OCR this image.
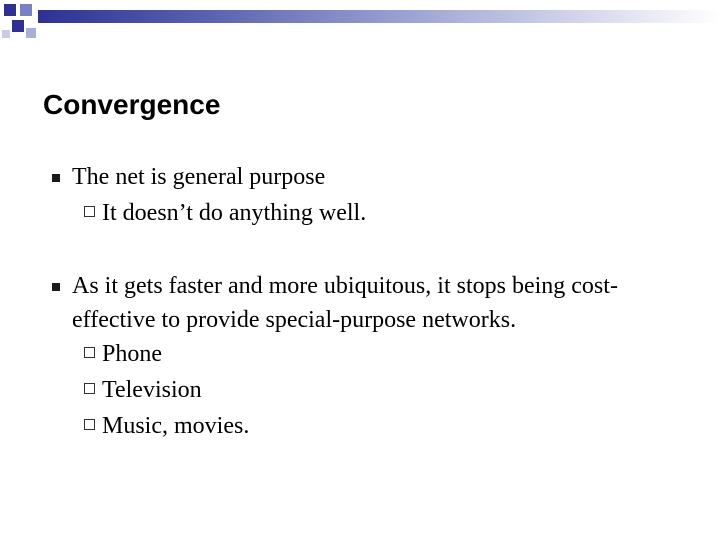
Convergence

The net is general purpose

It doesn’t do anything well.

As it gets faster and more ubiquitous, it stops being cost-effective to provide special-purpose networks.

Phone
Television
Music, movies.
